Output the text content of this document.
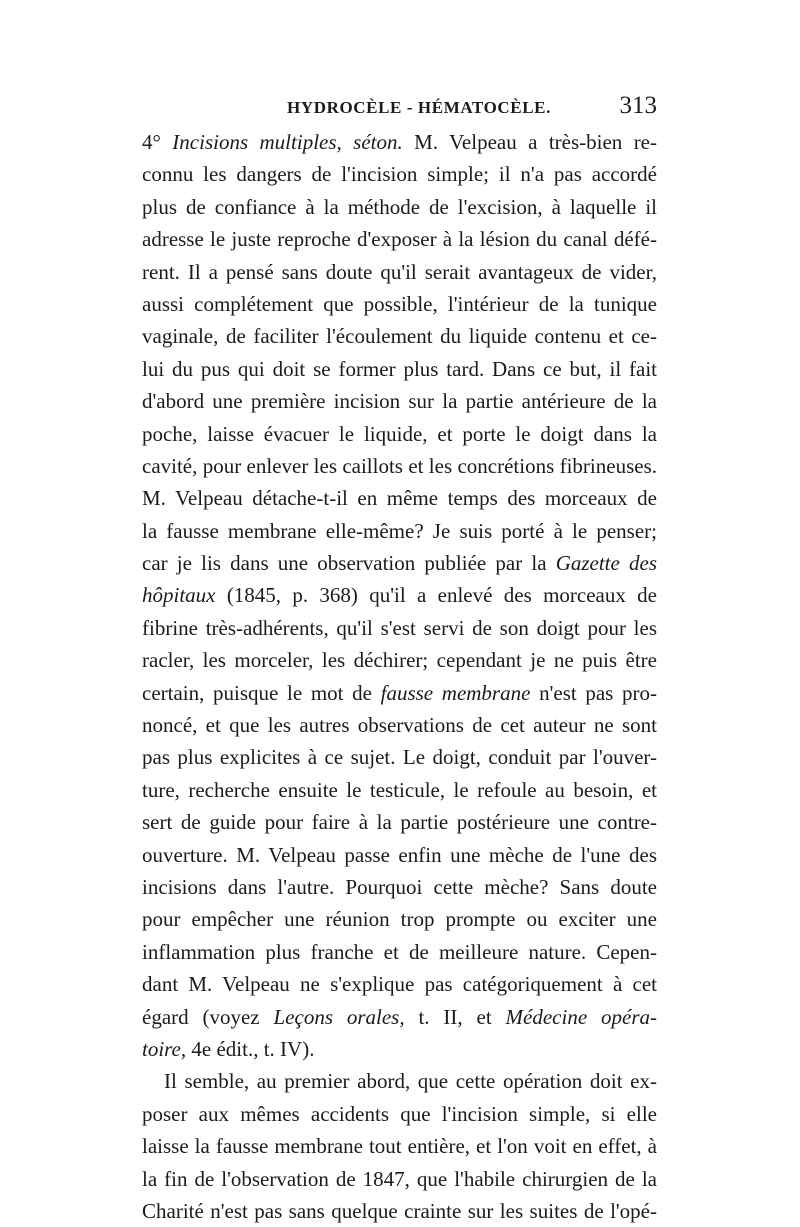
HYDROCÈLE - HÉMATOCÈLE.	313
4° Incisions multiples, séton. M. Velpeau a très-bien re-
connu les dangers de l'incision simple; il n'a pas accordé
plus de confiance à la méthode de l'excision, à laquelle il
adresse le juste reproche d'exposer à la lésion du canal défé-
rent. Il a pensé sans doute qu'il serait avantageux de vider,
aussi complétement que possible, l'intérieur de la tunique
vaginale, de faciliter l'écoulement du liquide contenu et ce-
lui du pus qui doit se former plus tard. Dans ce but, il fait
d'abord une première incision sur la partie antérieure de la
poche, laisse évacuer le liquide, et porte le doigt dans la
cavité, pour enlever les caillots et les concrétions fibrineuses.
M. Velpeau détache-t-il en même temps des morceaux de
la fausse membrane elle-même? Je suis porté à le penser;
car je lis dans une observation publiée par la Gazette des
hôpitaux (1845, p. 368) qu'il a enlevé des morceaux de
fibrine très-adhérents, qu'il s'est servi de son doigt pour les
racler, les morceler, les déchirer; cependant je ne puis être
certain, puisque le mot de fausse membrane n'est pas pro-
noncé, et que les autres observations de cet auteur ne sont
pas plus explicites à ce sujet. Le doigt, conduit par l'ouver-
ture, recherche ensuite le testicule, le refoule au besoin, et
sert de guide pour faire à la partie postérieure une contre-
ouverture. M. Velpeau passe enfin une mèche de l'une des
incisions dans l'autre. Pourquoi cette mèche? Sans doute
pour empêcher une réunion trop prompte ou exciter une
inflammation plus franche et de meilleure nature. Cepen-
dant M. Velpeau ne s'explique pas catégoriquement à cet
égard (voyez Leçons orales, t. II, et Médecine opéra-
toire, 4e édit., t. IV).
Il semble, au premier abord, que cette opération doit ex-
poser aux mêmes accidents que l'incision simple, si elle
laisse la fausse membrane tout entière, et l'on voit en effet, à
la fin de l'observation de 1847, que l'habile chirurgien de la
Charité n'est pas sans quelque crainte sur les suites de l'opé-
